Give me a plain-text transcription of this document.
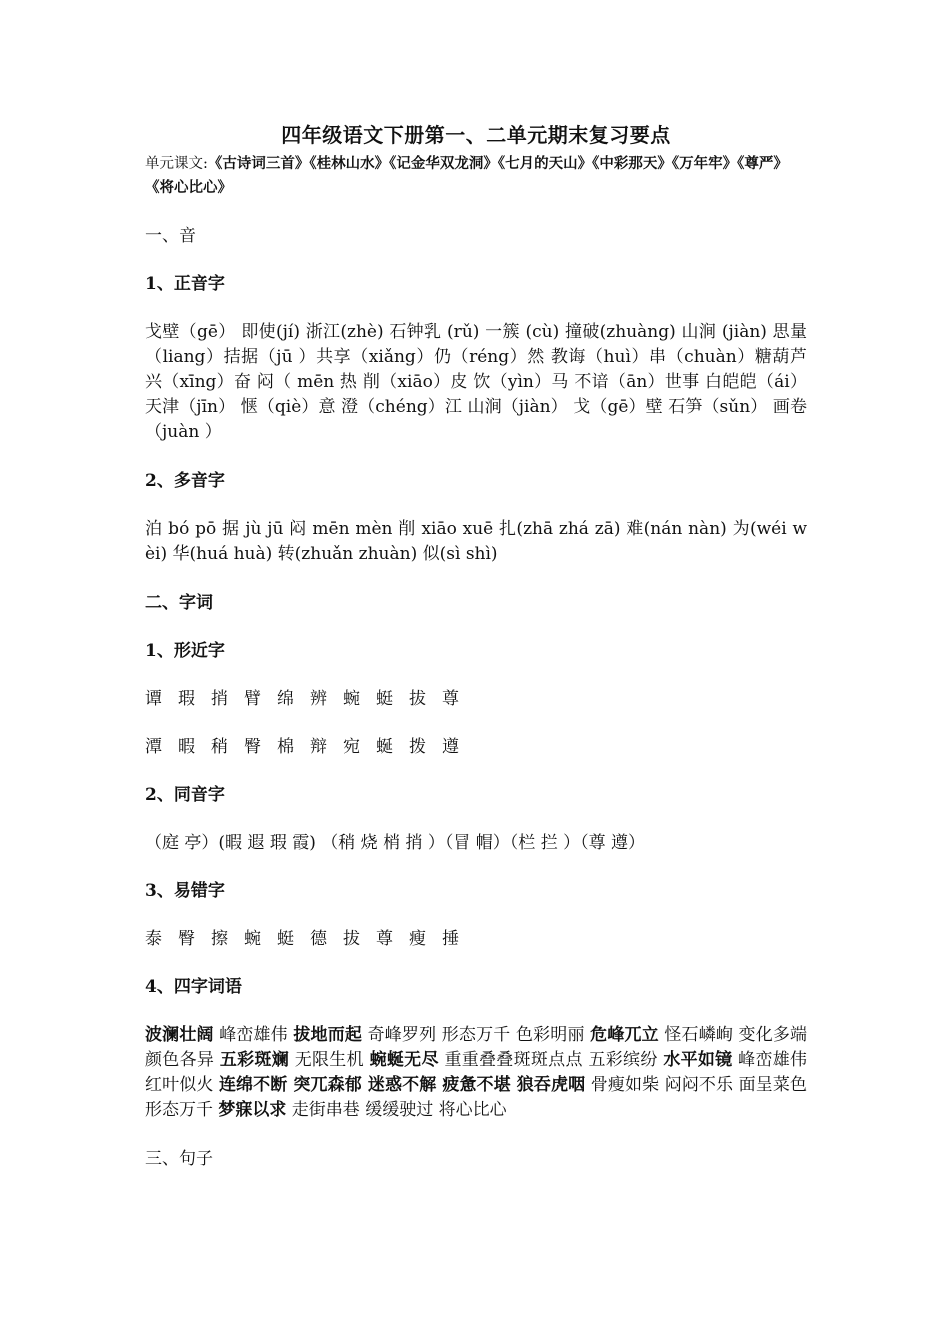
四年级语文下册第一、二单元期末复习要点
单元课文:《古诗词三首》《桂林山水》《记金华双龙洞》《七月的天山》《中彩那天》《万年牢》《尊严》《将心比心》
一、音
1、正音字
戈壁（gē） 即使(jí) 浙江(zhè) 石钟乳 (rǔ) 一簇 (cù) 撞破(zhuàng) 山涧 (jiàn) 思量（liang）拮据（jū ）共享（xiǎng）仍（réng）然 教诲（huì）串（chuàn）糖葫芦 兴（xīng）奋 闷（ mēn 热 削（xiāo）皮 饮（yìn）马 不谙（ān）世事 白皑皑（ái） 天津（jīn） 惬（qiè）意 澄（chéng）江 山涧（jiàn） 戈（gē）壁 石笋（sǔn） 画卷（juàn ）
2、多音字
泊 bó pō 据 jù jū 闷 mēn mèn 削 xiāo xuē 扎(zhā zhá zā) 难(nán nàn) 为(wéi wèi) 华(huá huà) 转(zhuǎn zhuàn) 似(sì shì)
二、字词
1、形近字
谭 瑕 捎 臂 绵 辨 蜿 蜓 拔 尊
潭 暇 稍 臀 棉 辩 宛 蜒 拨 遵
2、同音字
（庭 亭）(暇 遐 瑕 霞) （稍 烧 梢 捎 ）（冒 帽）（栏 拦 ）（尊 遵）
3、易错字
泰 臀 擦 蜿 蜓 德 拔 尊 瘦 捶
4、四字词语
波澜壮阔 峰峦雄伟 拔地而起 奇峰罗列 形态万千 色彩明丽 危峰兀立 怪石嶙峋 变化多端 颜色各异 五彩斑斓 无限生机 蜿蜒无尽 重重叠叠斑斑点点 五彩缤纷 水平如镜 峰峦雄伟 红叶似火 连绵不断 突兀森郁 迷惑不解 疲惫不堪 狼吞虎咽 骨瘦如柴 闷闷不乐 面呈菜色 形态万千 梦寐以求 走街串巷 缓缓驶过 将心比心
三、句子
